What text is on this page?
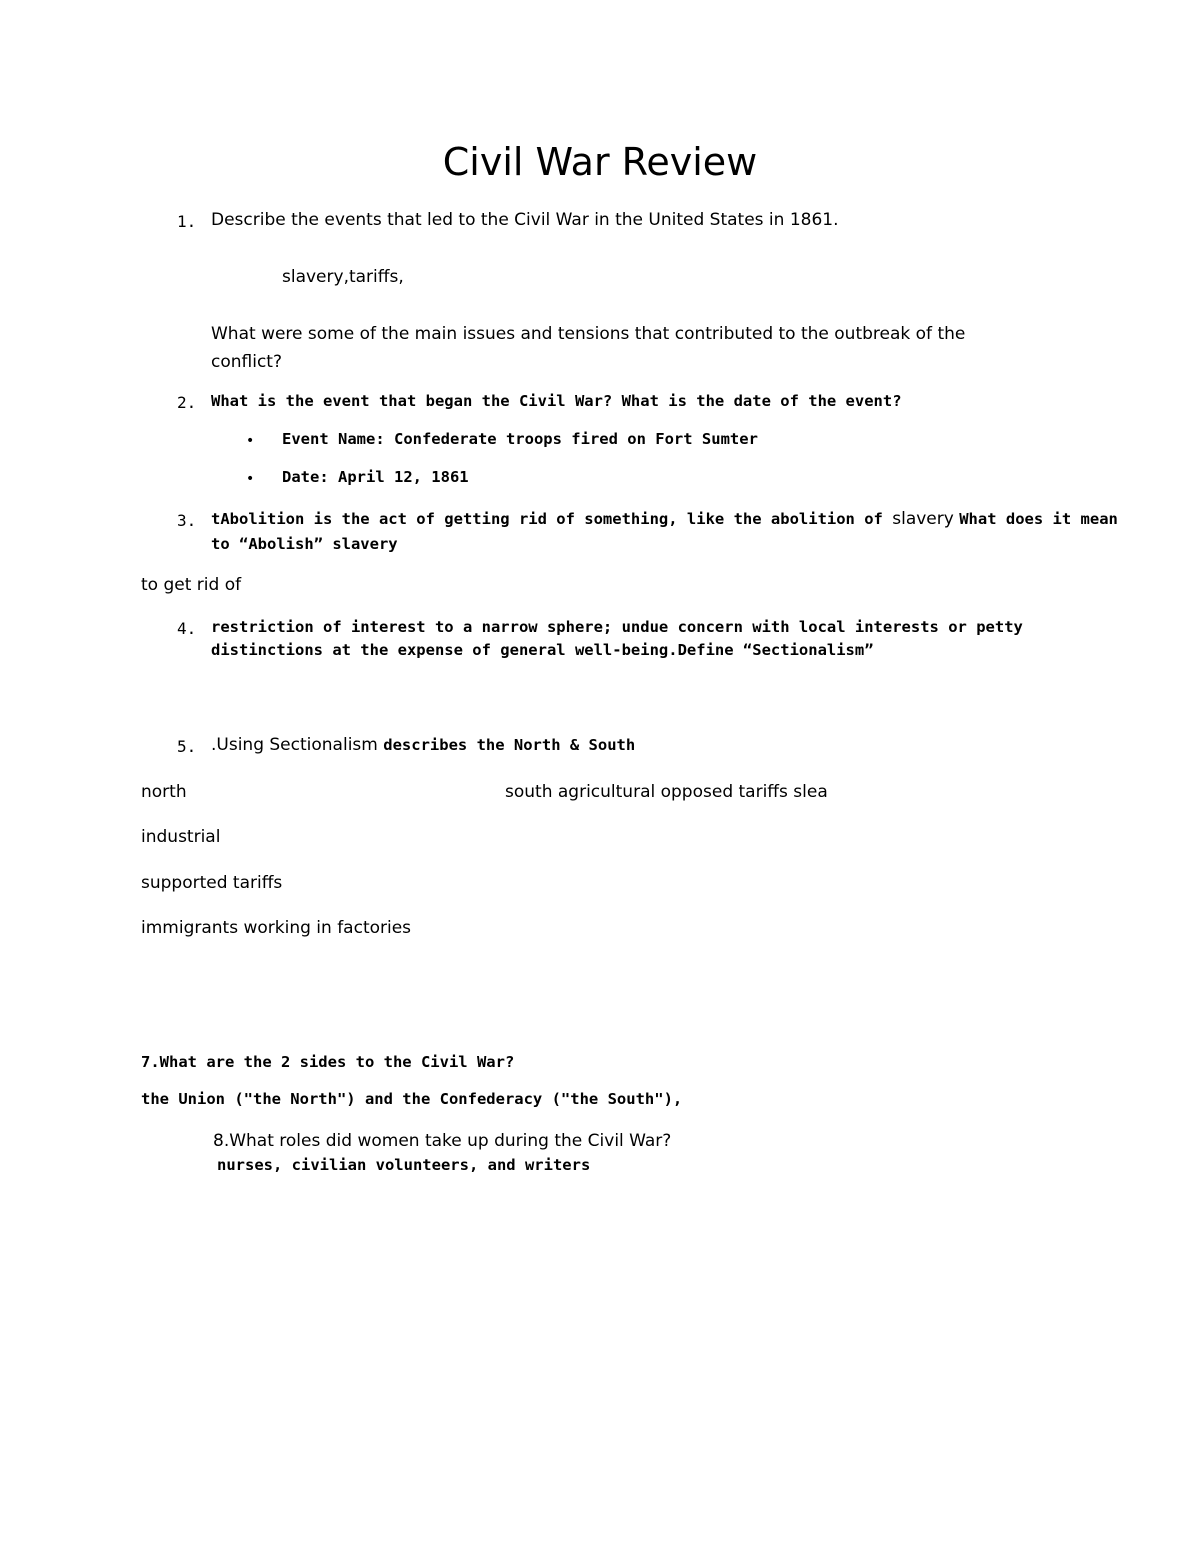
Civil War Review
1. Describe the events that led to the Civil War in the United States in 1861.
slavery,tariffs,
What were some of the main issues and tensions that contributed to the outbreak of the
conflict?
2. What is the event that began the Civil War? What is the date of the event?
• Event Name: Confederate troops fired on Fort Sumter
• Date: April 12, 1861
3. tAbolition is the act of getting rid of something, like the abolition of slavery What does it mean
to “Abolish” slavery
to get rid of
4. restriction of interest to a narrow sphere; undue concern with local interests or petty
distinctions at the expense of general well-being.Define “Sectionalism”
5. .Using Sectionalism describes the North & South
north	south agricultural opposed tariffs slea
industrial
supported tariffs
immigrants working in factories
7.What are the 2 sides to the Civil War?
the Union ("the North") and the Confederacy ("the South"),
8.What roles did women take up during the Civil War?
nurses, civilian volunteers, and writers
